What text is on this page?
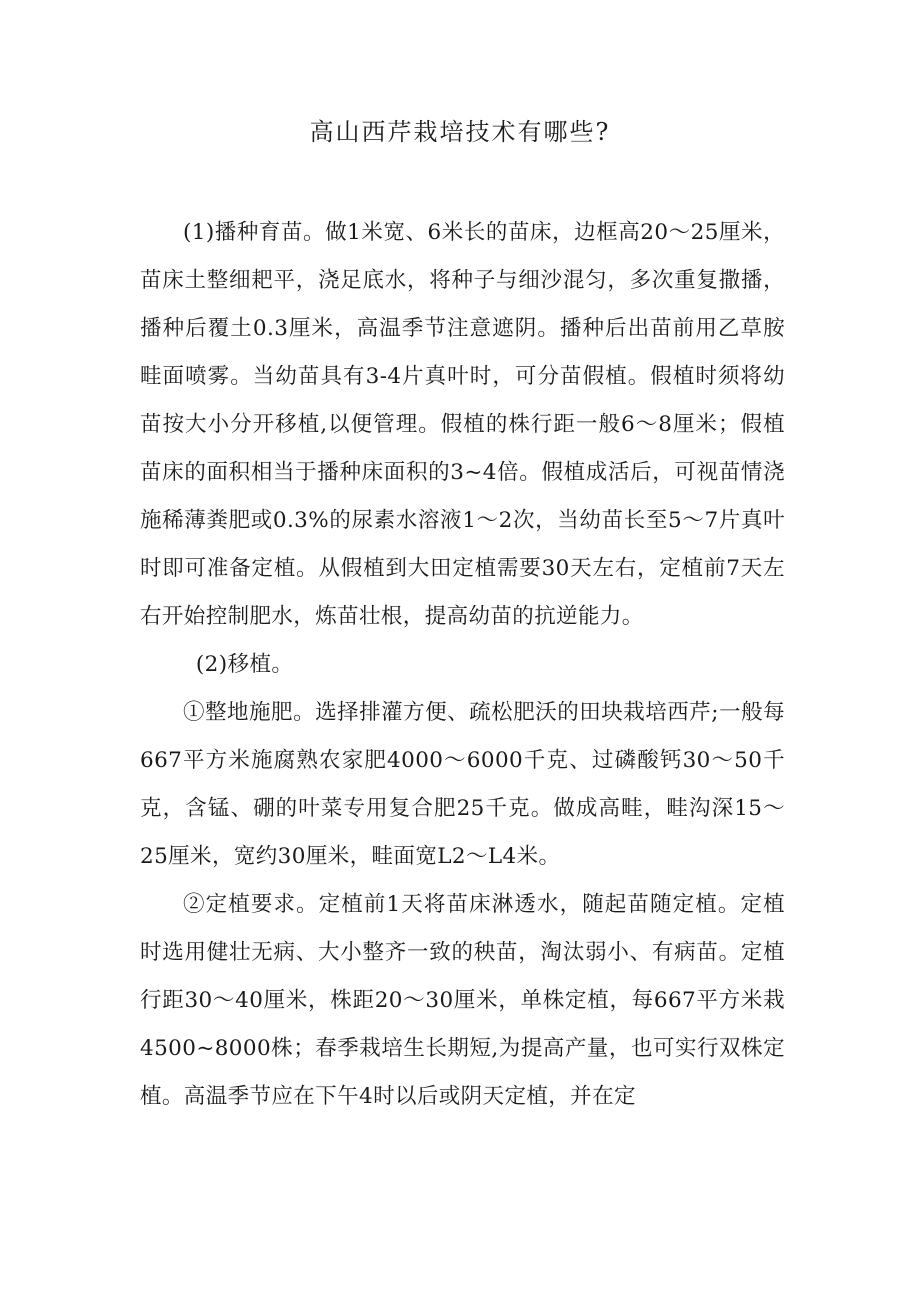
高山西芹栽培技术有哪些?

(1)播种育苗。做1米宽、6米长的苗床，边框高20～25厘米，苗床土整细耙平，浇足底水，将种子与细沙混匀，多次重复撒播，播种后覆土0.3厘米，高温季节注意遮阴。播种后出苗前用乙草胺畦面喷雾。当幼苗具有3-4片真叶时，可分苗假植。假植时须将幼苗按大小分开移植,以便管理。假植的株行距一般6～8厘米；假植苗床的面积相当于播种床面积的3~4倍。假植成活后，可视苗情浇施稀薄粪肥或0.3%的尿素水溶液1～2次，当幼苗长至5～7片真叶时即可准备定植。从假植到大田定植需要30天左右，定植前7天左右开始控制肥水，炼苗壮根，提高幼苗的抗逆能力。

(2)移植。

①整地施肥。选择排灌方便、疏松肥沃的田块栽培西芹;一般每667平方米施腐熟农家肥4000～6000千克、过磷酸钙30～50千克，含锰、硼的叶菜专用复合肥25千克。做成高畦，畦沟深15～25厘米，宽约30厘米，畦面宽L2～L4米。

②定植要求。定植前1天将苗床淋透水，随起苗随定植。定植时选用健壮无病、大小整齐一致的秧苗，淘汰弱小、有病苗。定植行距30～40厘米，株距20～30厘米，单株定植，每667平方米栽4500~8000株；春季栽培生长期短,为提高产量，也可实行双株定植。高温季节应在下午4时以后或阴天定植，并在定
